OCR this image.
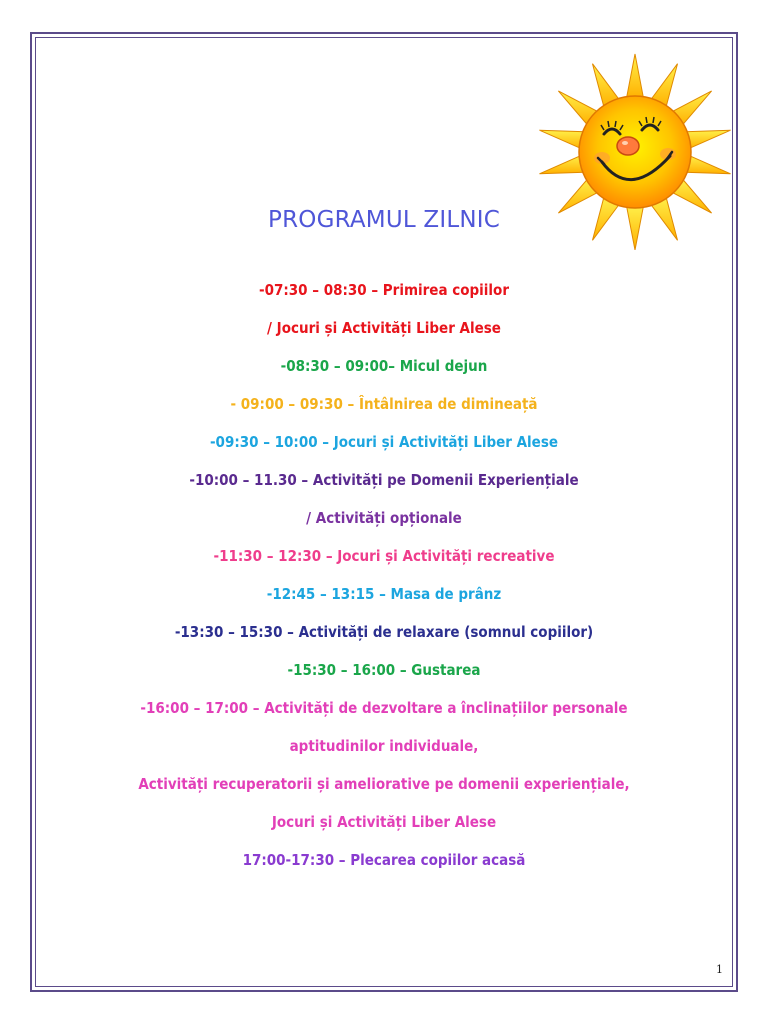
PROGRAMUL ZILNIC
-07:30 – 08:30 – Primirea copiilor
/ Jocuri și Activități Liber Alese
-08:30 – 09:00– Micul dejun
- 09:00 – 09:30 – Întâlnirea de dimineață
-09:30 – 10:00 – Jocuri și Activități Liber Alese
-10:00 – 11.30 – Activități pe Domenii Experiențiale
/ Activități opționale
-11:30 – 12:30 – Jocuri și Activități recreative
-12:45 – 13:15 – Masa de prânz
-13:30 – 15:30 – Activități de relaxare (somnul copiilor)
-15:30 – 16:00 – Gustarea
-16:00 – 17:00 – Activități de dezvoltare a înclinațiilor personale
aptitudinilor individuale,
Activități recuperatorii și ameliorative pe domenii experiențiale,
Jocuri și Activități Liber Alese
17:00-17:30 – Plecarea copiilor acasă
1
